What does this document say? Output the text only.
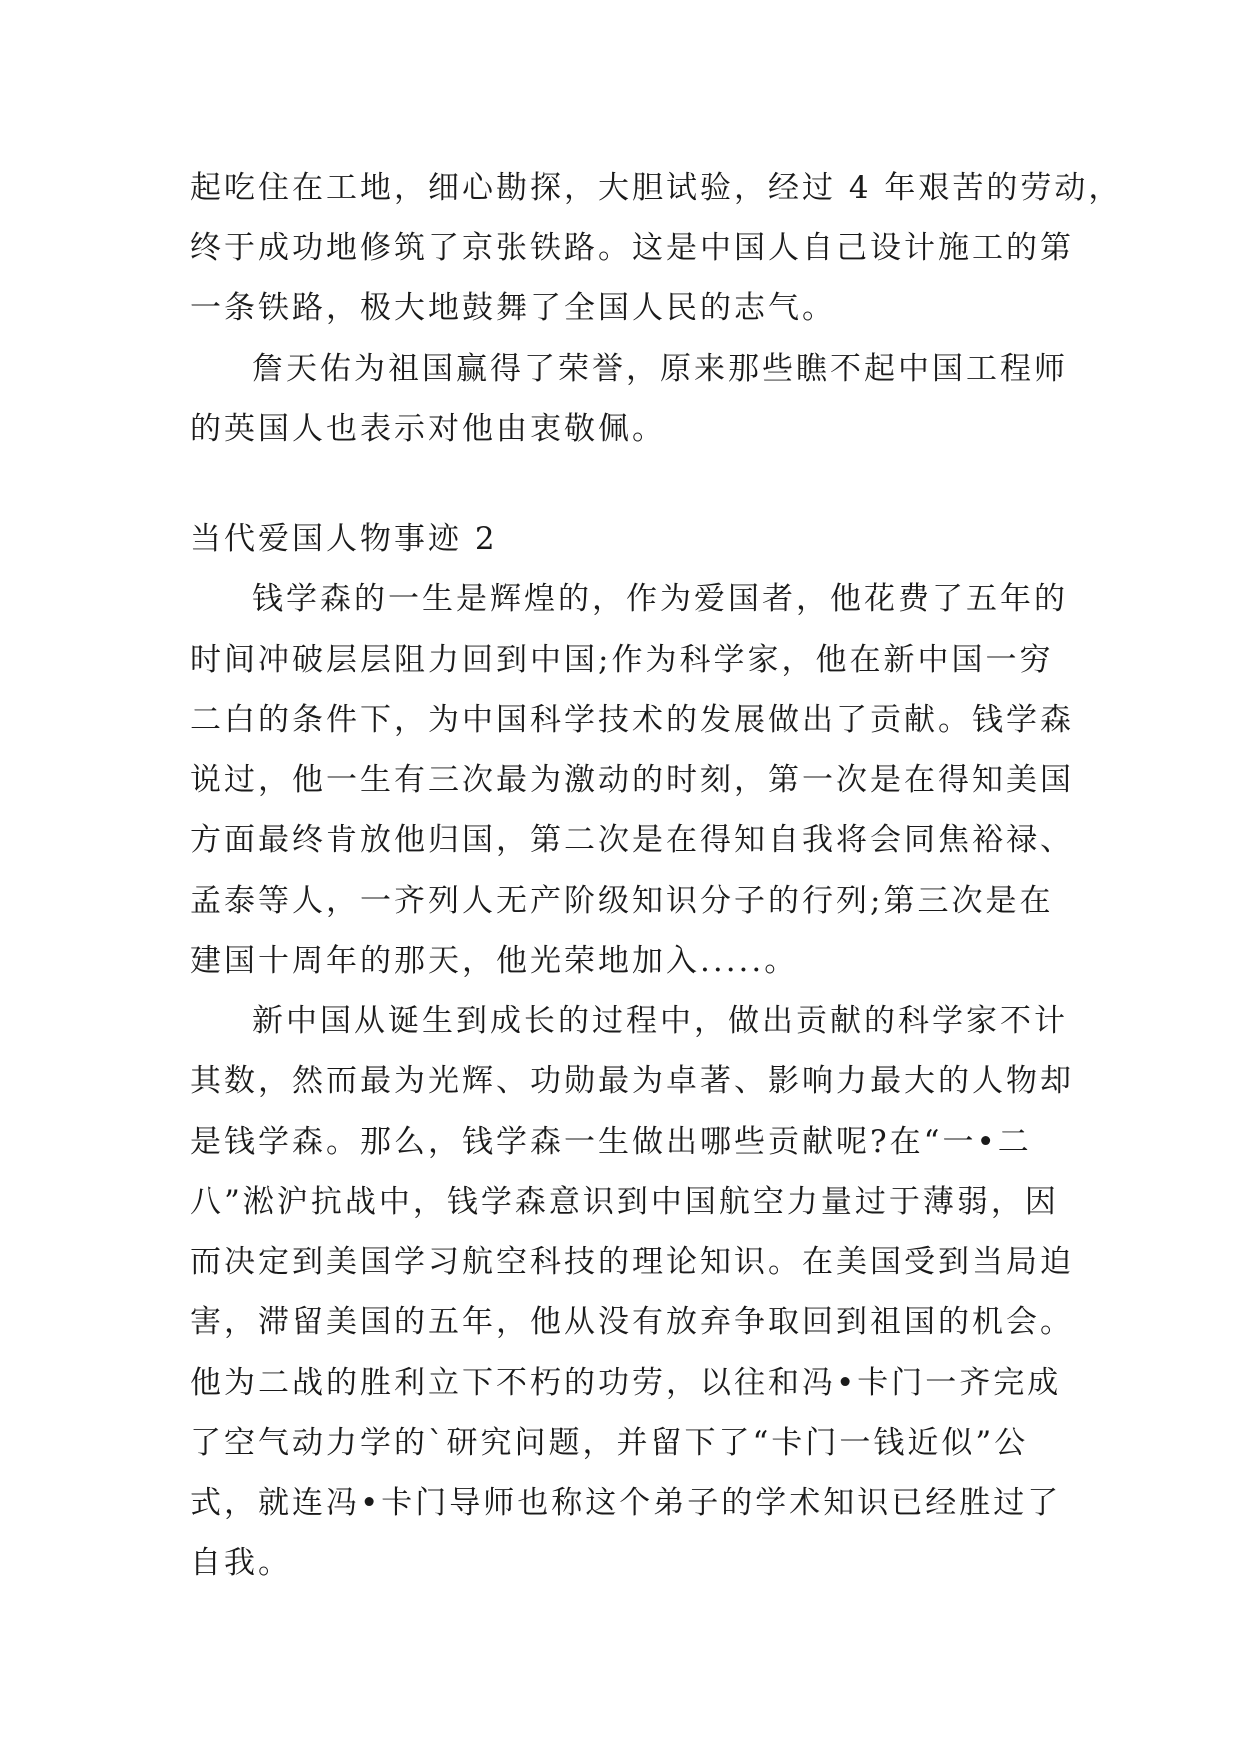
起吃住在工地，细心勘探，大胆试验，经过 4 年艰苦的劳动，
终于成功地修筑了京张铁路。这是中国人自己设计施工的第
一条铁路，极大地鼓舞了全国人民的志气。
詹天佑为祖国赢得了荣誉，原来那些瞧不起中国工程师
的英国人也表示对他由衷敬佩。
当代爱国人物事迹 2
钱学森的一生是辉煌的，作为爱国者，他花费了五年的
时间冲破层层阻力回到中国;作为科学家，他在新中国一穷
二白的条件下，为中国科学技术的发展做出了贡献。钱学森
说过，他一生有三次最为激动的时刻，第一次是在得知美国
方面最终肯放他归国，第二次是在得知自我将会同焦裕禄、
孟泰等人，一齐列人无产阶级知识分子的行列;第三次是在
建国十周年的那天，他光荣地加入.....。
新中国从诞生到成长的过程中，做出贡献的科学家不计
其数，然而最为光辉、功勋最为卓著、影响力最大的人物却
是钱学森。那么，钱学森一生做出哪些贡献呢?在“一•二
八”淞沪抗战中，钱学森意识到中国航空力量过于薄弱，因
而决定到美国学习航空科技的理论知识。在美国受到当局迫
害，滞留美国的五年，他从没有放弃争取回到祖国的机会。
他为二战的胜利立下不朽的功劳，以往和冯•卡门一齐完成
了空气动力学的`研究问题，并留下了“卡门一钱近似”公
式，就连冯•卡门导师也称这个弟子的学术知识已经胜过了
自我。
